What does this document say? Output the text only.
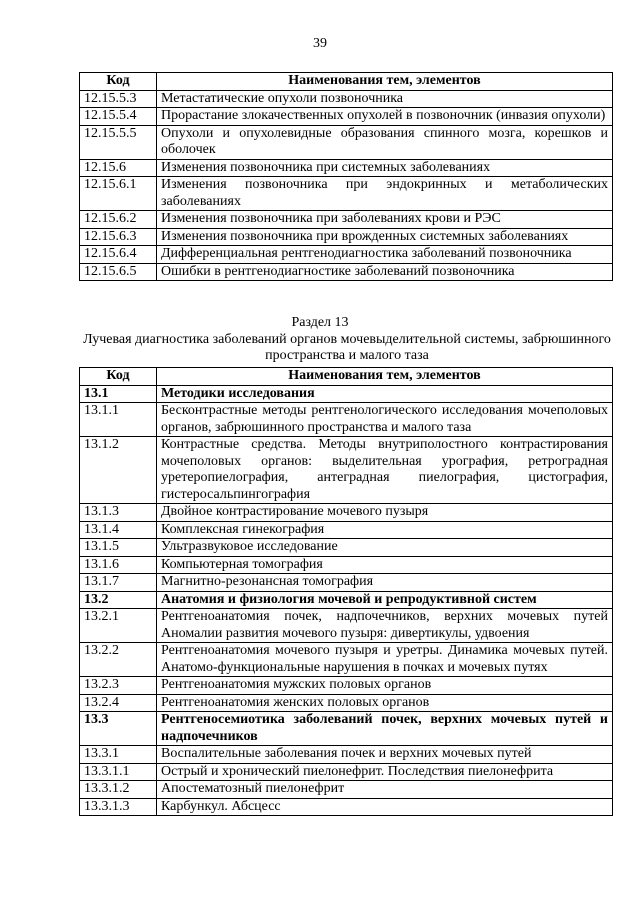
39
Код	Наименования тем, элементов
12.15.5.3	Метастатические опухоли позвоночника
12.15.5.4	Прорастание злокачественных опухолей в позвоночник (инвазия опухоли)
12.15.5.5	Опухоли и опухолевидные образования спинного мозга, корешков и оболочек
12.15.6	Изменения позвоночника при системных заболеваниях
12.15.6.1	Изменения позвоночника при эндокринных и метаболических заболеваниях
12.15.6.2	Изменения позвоночника при заболеваниях крови и РЭС
12.15.6.3	Изменения позвоночника при врожденных системных заболеваниях
12.15.6.4	Дифференциальная рентгенодиагностика заболеваний позвоночника
12.15.6.5	Ошибки в рентгенодиагностике заболеваний позвоночника
Раздел 13
Лучевая диагностика заболеваний органов мочевыделительной системы, забрюшинного пространства и малого таза
Код	Наименования тем, элементов
13.1	Методики исследования
13.1.1	Бесконтрастные методы рентгенологического исследования мочеполовых органов, забрюшинного пространства и малого таза
13.1.2	Контрастные средства. Методы внутриполостного контрастирования мочеполовых органов: выделительная урография, ретроградная уретеропиелография, антеградная пиелография, цистография, гистеросальпингография
13.1.3	Двойное контрастирование мочевого пузыря
13.1.4	Комплексная гинекография
13.1.5	Ультразвуковое исследование
13.1.6	Компьютерная томография
13.1.7	Магнитно-резонансная томография
13.2	Анатомия и физиология мочевой и репродуктивной систем
13.2.1	Рентгеноанатомия почек, надпочечников, верхних мочевых путей Аномалии развития мочевого пузыря: дивертикулы, удвоения
13.2.2	Рентгеноанатомия мочевого пузыря и уретры. Динамика мочевых путей. Анатомо-функциональные нарушения в почках и мочевых путях
13.2.3	Рентгеноанатомия мужских половых органов
13.2.4	Рентгеноанатомия женских половых органов
13.3	Рентгеносемиотика заболеваний почек, верхних мочевых путей и надпочечников
13.3.1	Воспалительные заболевания почек и верхних мочевых путей
13.3.1.1	Острый и хронический пиелонефрит. Последствия пиелонефрита
13.3.1.2	Апостематозный пиелонефрит
13.3.1.3	Карбункул. Абсцесс
